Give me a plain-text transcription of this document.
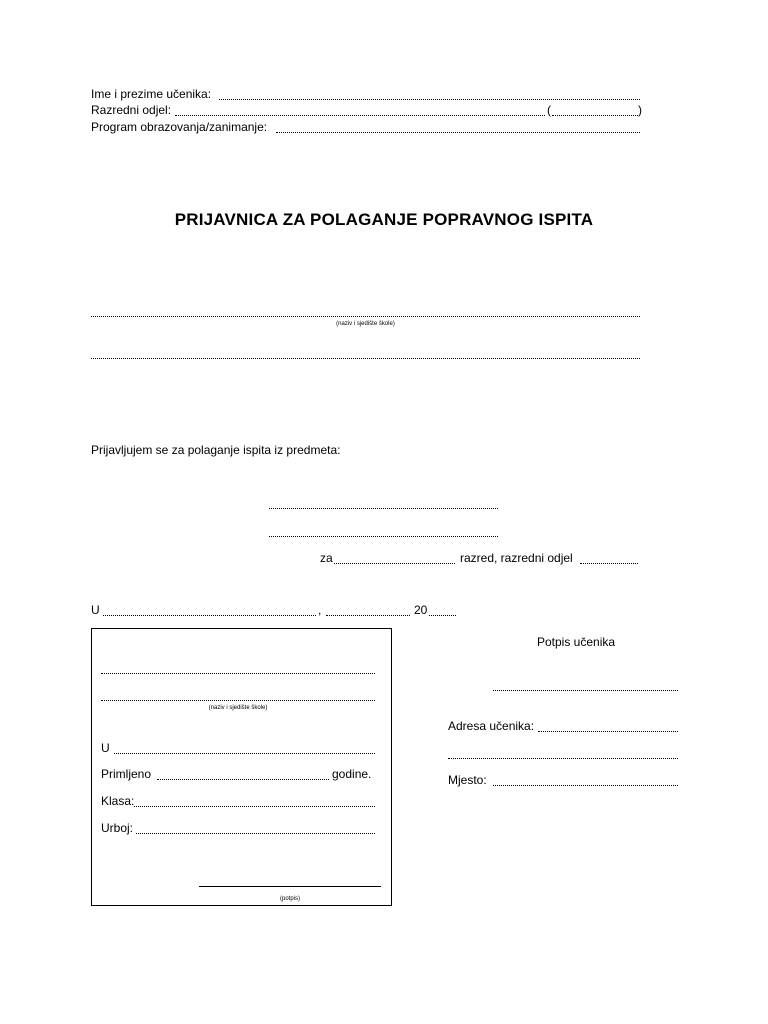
Ime i prezime učenika:
Razredni odjel:	(	)
Program obrazovanja/zanimanje:
PRIJAVNICA ZA POLAGANJE POPRAVNOG ISPITA
(naziv i sjedište škole)
Prijavljujem se za polaganje ispita iz predmeta:
za	razred, razredni odjel
U	,	20
(naziv i sjedište škole)
U
Primljeno	godine.
Klasa:
Urboj:
(potpis)
Potpis učenika
Adresa učenika:
Mjesto:
